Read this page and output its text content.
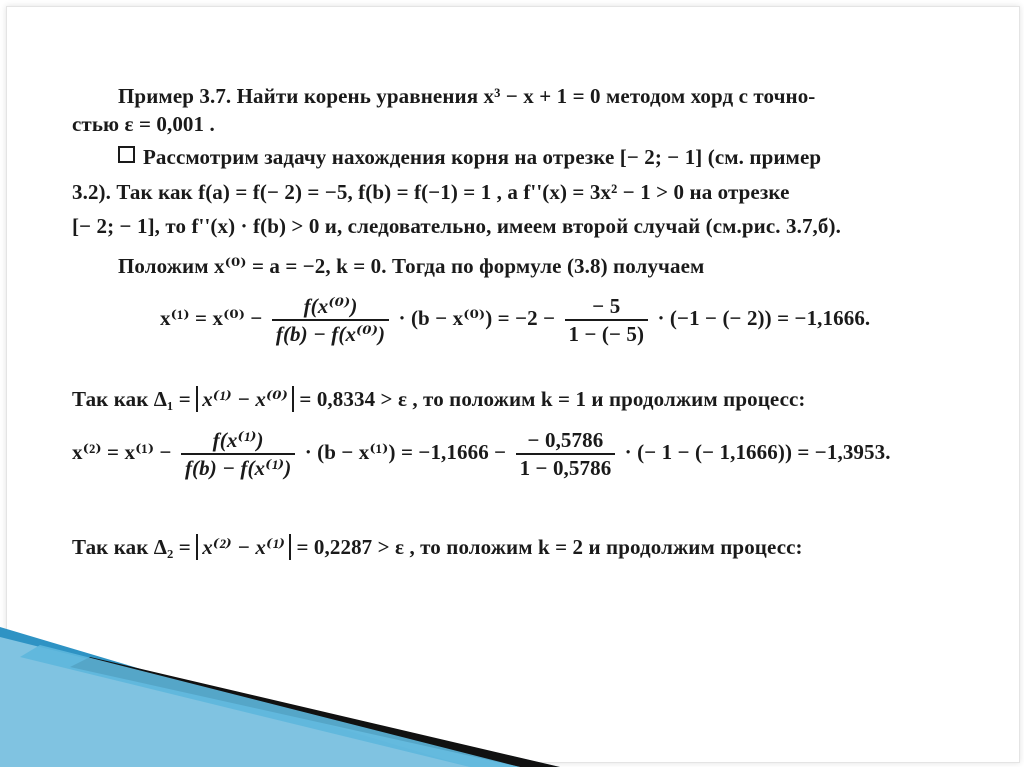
Пример 3.7. Найти корень уравнения x³ − x + 1 = 0 методом хорд с точно-
стью ε = 0,001 .
Рассмотрим задачу нахождения корня на отрезке [− 2; − 1] (см. пример
3.2). Так как f(a) = f(− 2) = −5, f(b) = f(−1) = 1 , а f''(x) = 3x² − 1 > 0 на отрезке
[− 2; − 1], то f''(x) · f(b) > 0 и, следовательно, имеем второй случай (см.рис. 3.7,б).
Положим x⁽⁰⁾ = a = −2, k = 0. Тогда по формуле (3.8) получаем
$x^{(1)} = x^{(0)} - \frac{\text{f(x⁽⁰⁾)}}{\text{f(b) − f(x⁽⁰⁾)}} \cdot (b - x^{(0)}) = -2 - \frac{- 5}{1 - (- 5)} \cdot (-1$ − (− 2)) = −1,1666.
Так как Δ₁ = x⁽¹⁾ − x⁽⁰⁾ = 0,8334 > ε , то положим k = 1 и продолжим процесс:
$x^{(2)} = x^{(1)} - \frac{\text{f(x⁽¹⁾)}}{\text{f(b) − f(x⁽¹⁾)}} \cdot (b - x^{(1)}) = -1,1666 - \frac{- 0,5786}{1 - 0,5786}$ · (− 1 − (− 1,1666)) = −1,3953.
Так как Δ₂ = x⁽²⁾ − x⁽¹⁾ = 0,2287 > ε , то положим k = 2 и продолжим процесс:
